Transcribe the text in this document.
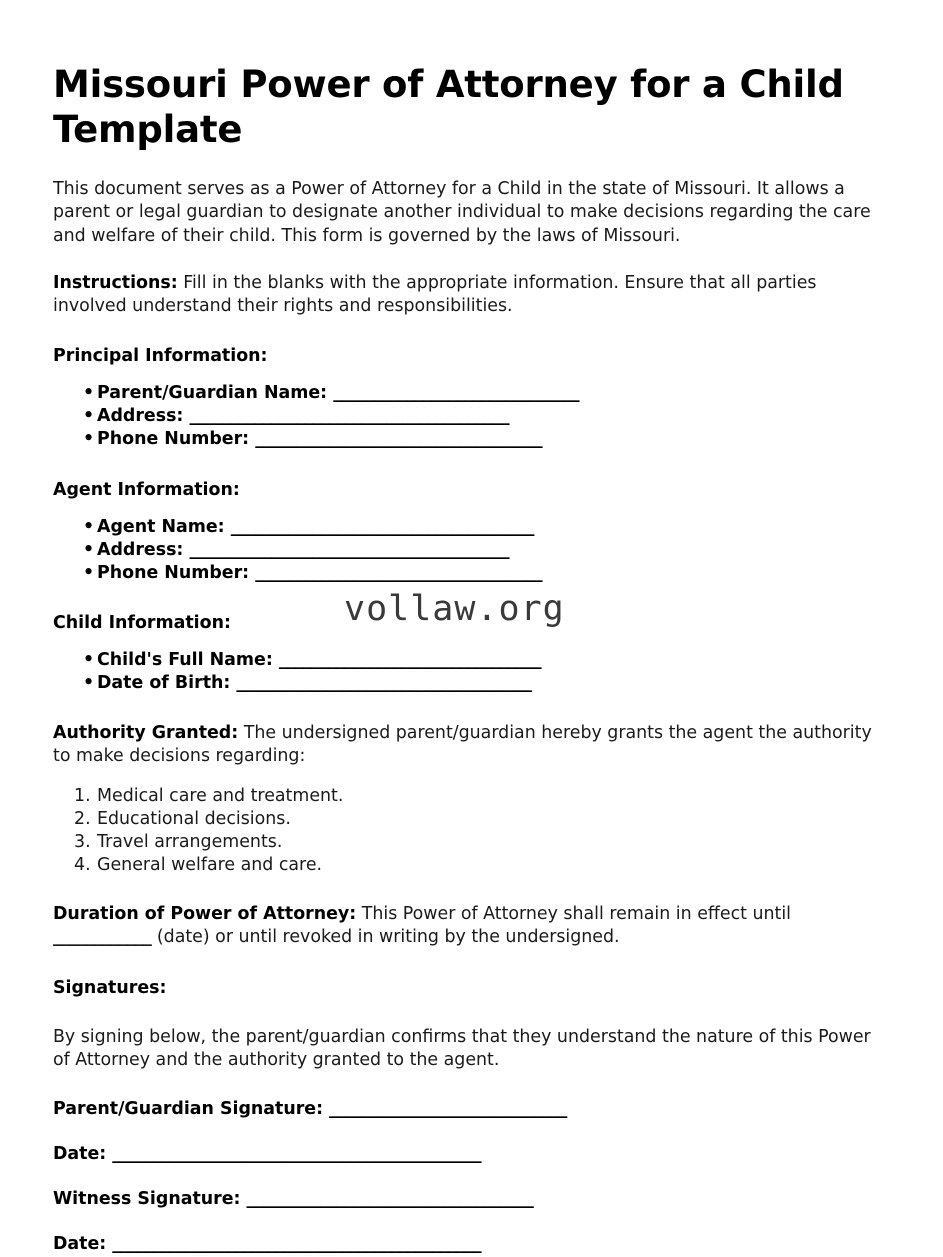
Missouri Power of Attorney for a Child Template

This document serves as a Power of Attorney for a Child in the state of Missouri. It allows a parent or legal guardian to designate another individual to make decisions regarding the care and welfare of their child. This form is governed by the laws of Missouri.

Instructions: Fill in the blanks with the appropriate information. Ensure that all parties involved understand their rights and responsibilities.

Principal Information:
• Parent/Guardian Name: ______________________________
• Address: _______________________________________
• Phone Number: ___________________________________
Agent Information:
• Agent Name: _____________________________________
• Address: _______________________________________
• Phone Number: ___________________________________
Child Information:
• Child's Full Name: ________________________________
• Date of Birth: ____________________________________

Authority Granted: The undersigned parent/guardian hereby grants the agent the authority to make decisions regarding:

Medical care and treatment.
Educational decisions.
Travel arrangements.
General welfare and care.

Duration of Power of Attorney: This Power of Attorney shall remain in effect until ____________ (date) or until revoked in writing by the undersigned.

Signatures:

By signing below, the parent/guardian confirms that they understand the nature of this Power of Attorney and the authority granted to the agent.

Parent/Guardian Signature: _____________________________

Date: _____________________________________________

Witness Signature: ___________________________________

Date: _____________________________________________

vollaw.org
